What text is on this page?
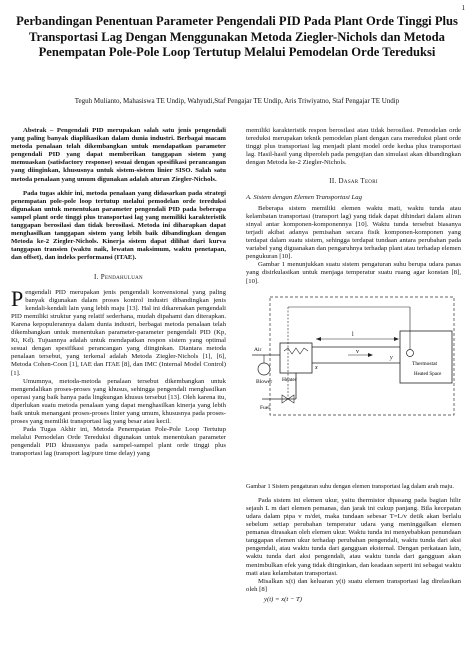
1
Perbandingan Penentuan Parameter Pengendali PID Pada Plant Orde Tinggi Plus Transportasi Lag Dengan Menggunakan Metoda Ziegler-Nichols dan Metoda Penempatan Pole-Pole Loop Tertutup Melalui Pemodelan Orde Tereduksi
Teguh Mulianto, Mahasiswa TE Undip, Wahyudi,Staf Pengajar TE Undip, Aris Triwiyatno, Staf Pengajar TE Undip

Abstrak – Pengendali PID merupakan salah satu jenis pengendali yang paling banyak diaplikasikan dalam dunia industri. Berbagai macam metoda penalaan telah dikembangkan untuk mendapatkan parameter pengendali PID yang dapat memberikan tanggapan sistem yang memuaskan (satisfactory response) sesuai dengan spesifikasi perancangan yang diinginkan, khususnya untuk sistem-sistem linier SISO. Salah satu metoda penalaan yang umum digunakan adalah aturan Ziegler-Nichols.

Pada tugas akhir ini, metoda penalaan yang didasarkan pada strategi penempatan pole-pole loop tertutup melalui pemodelan orde tereduksi digunakan untuk menentukan parameter pengendali PID pada beberapa sampel plant orde tinggi plus transportasi lag yang memiliki karakteristik tanggapan berosilasi dan tidak berosilasi. Metoda ini diharapkan dapat menghasilkan tanggapan sistem yang lebih baik dibandingkan dengan Metoda ke-2 Ziegler-Nichols. Kinerja sistem dapat dilihat dari kurva tanggapan transien (waktu naik, lewatan maksimum, waktu penetapan, dan offset), dan indeks performansi (ITAE).

I. Pendahuluan

Pengendali PID merupakan jenis pengendali konvensional yang paling banyak digunakan dalam proses kontrol industri dibandingkan jenis kendali-kendali lain yang lebih maju [13]. Hal ini dikarenakan pengendali PID memiliki struktur yang relatif sederhana, mudah dipahami dan diterapkan. Karena kepopulerannya dalam dunia industri, berbagai metoda penalaan telah dikembangkan untuk menentukan parameter-parameter pengendali PID (Kp, Ki, Kd). Tujuannya adalah untuk mendapatkan respon sistem yang optimal sesuai dengan spesifikasi perancangan yang diinginkan. Diantara metoda penalaan tersebut, yang terkenal adalah Metoda Ziegler-Nichols [1], [6], Metoda Cohen-Coon [1], IAE dan ITAE [8], dan IMC (Internal Model Control) [1].

Umumnya, metoda-metoda penalaan tersebut dikembangkan untuk mengendalikan proses-proses yang khusus, sehingga pengendali menghasilkan operasi yang baik hanya pada lingkungan khusus tersebut [13]. Oleh karena itu, diperlukan suatu metoda penalaan yang dapat menghasilkan kinerja yang lebih baik untuk menangani proses-proses linier yang umum, khususnya pada proses-proses yang memiliki transportasi lag yang besar atau kecil.

Pada Tugas Akhir ini, Metoda Penempatan Pole-Pole Loop Tertutup melalui Pemodelan Orde Tereduksi digunakan untuk menentukan parameter pengendali PID khususnya pada sampel-sampel plant orde tinggi plus transportasi lag (transport lag/pure time delay) yang

memiliki karakteristik respon berosilasi atau tidak berosilasi. Pemodelan orde tereduksi merupakan teknik pemodelan plant dengan cara mereduksi plant orde tinggi plus transportasi lag menjadi plant model orde kedua plus transportasi lag. Hasil-hasil yang diperoleh pada pengujian dan simulasi akan dibandingkan dengan Metoda ke-2 Ziegler-Nichols.

II. Dasar Teori
A. Sistem dengan Elemen Transportasi Lag

Beberapa sistem memiliki elemen waktu mati, waktu tunda atau kelambatan transportasi (transport lag) yang tidak dapat dihindari dalam aliran sinyal antar komponen-komponennya [10]. Waktu tunda tersebut biasanya terjadi akibat adanya pemisahan secara fisik komponen-komponen yang terdapat dalam suatu sistem, sehingga terdapat tundaan antara perubahan pada variabel yang diguanakan dan pengaruhnya terhadap plant atau terhadap elemen pengukuran [10].

Gambar 1 menunjukkan suatu sistem pengaturan suhu berupa udara panas yang disirkulasikan untuk menjaga temperatur suatu ruang agar konstan [8], [10].

l
v
Heater
Thermostat
Heated Space
x
y
Fuel
Blower
Air
Gambar 1 Sistem pengaturan suhu dengan elemen transportasi lag dalam arah maju.

Pada sistem ini elemen ukur, yaitu thermistor dipasang pada bagian hilir sejauh L m dari elemen pemanas, dan jarak ini cukup panjang. Bila kecepatan udara dalam pipa v m/det, maka tundaan sebesar T=L/v detik akan berlalu sebelum setiap perubahan temperatur udara yang meninggalkan elemen pemanas dirasakan oleh elemen ukur. Waktu tunda ini menyebabkan penundaan tanggapan elemen ukur terhadap perubahan pengendali, waktu tunda dari aksi pengendali, atau waktu tunda dari gangguan eksternal. Dengan perkataan lain, waktu tunda dari aksi pengendali, atau waktu tunda dari gangguan akan menimbulkan efek yang tidak diinginkan, dan keadaan seperti ini sebagai waktu mati atau kelambatan transportasi.

Misalkan x(t) dan keluaran y(t) suatu elemen transportasi lag direlasikan oleh [8]

y(t) = x(t − T)
